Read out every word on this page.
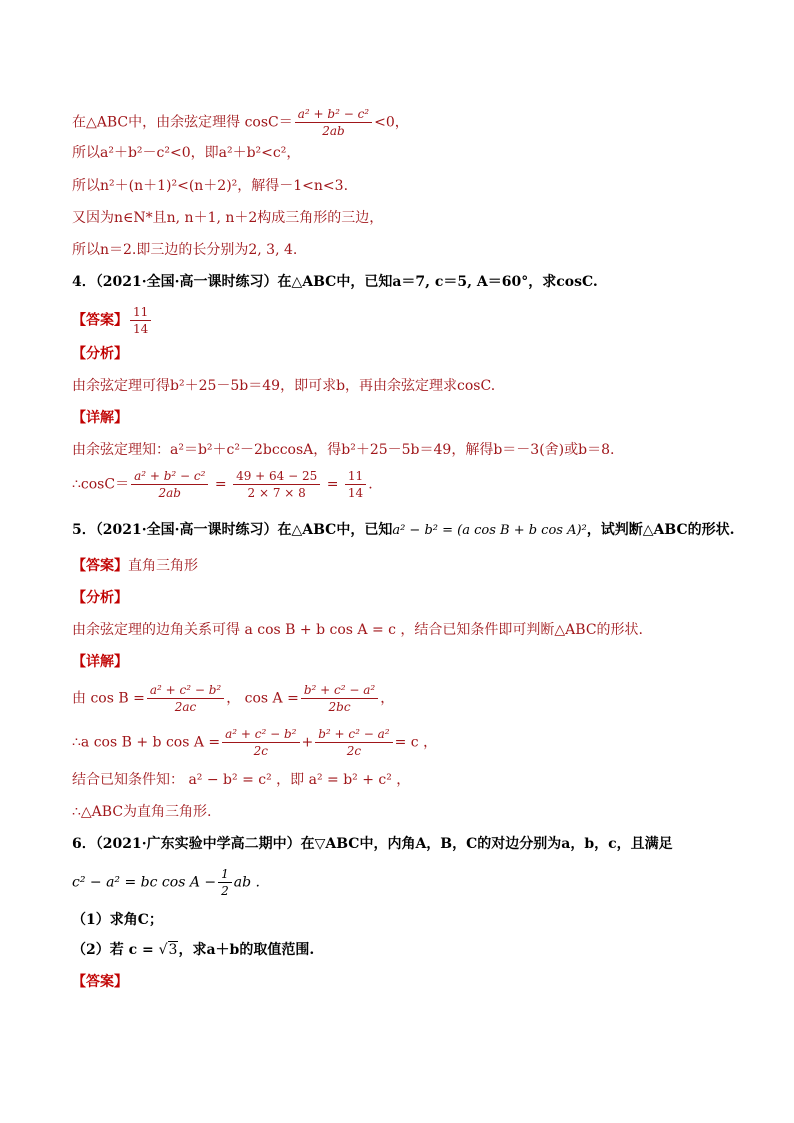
在△ABC中，由余弦定理得 $\cos C= \frac{\text{a² + b² − c²}}{2ab} <0$，
所以a²＋b²－c²<0，即a²＋b²<c²，
所以n²＋(n＋1)²<(n＋2)²，解得－1<n<3.
又因为n∈N*且n, n＋1, n＋2构成三角形的三边，
所以n＝2.即三边的长分别为2, 3, 4.
4．（2021·全国·高一课时练习）在△ABC中，已知a＝7, c＝5, A＝60°，求cosC.
【答案】 $\frac{11}{14}$
【分析】
由余弦定理可得b²＋25－5b＝49，即可求b，再由余弦定理求cosC.
【详解】
由余弦定理知：a²＝b²＋c²－2bccosA，得b²＋25－5b＝49，解得b＝－3(舍)或b＝8.
∴cosC＝ $\frac{\text{a² + b² − c²}}{2ab} = \frac{49 + 64 - 25}{2 \times 7 \times 8} = \frac{11}{14}$ .
5．（2021·全国·高一课时练习）在△ABC中，已知a² − b² = (a cos B + b cos A)²，试判断△ABC的形状.
【答案】直角三角形
【分析】
由余弦定理的边角关系可得 a cos B + b cos A = c ，结合已知条件即可判断△ABC的形状.
【详解】
由 $\cos B = \frac{\text{a² + c² − b²}}{2ac}$ ， $\cos A = \frac{\text{b² + c² − a²}}{2bc}$ ，
∴a cos B + b $\cos A = \frac{\text{a² + c² − b²}}{2c} + \frac{\text{b² + c² − a²}}{2c} = c$ ，
结合已知条件知： a² − b² = c² ，即 a² = b² + c² ，
∴△ABC为直角三角形.
6．（2021·广东实验中学高二期中）在▽ABC中，内角A，B，C的对边分别为a，b，c，且满足
c² − a² = bc $\cos A - \frac{1}{2}$ ab .
（1）求角C；
（2）若 c = √3，求a＋b的取值范围.
【答案】
